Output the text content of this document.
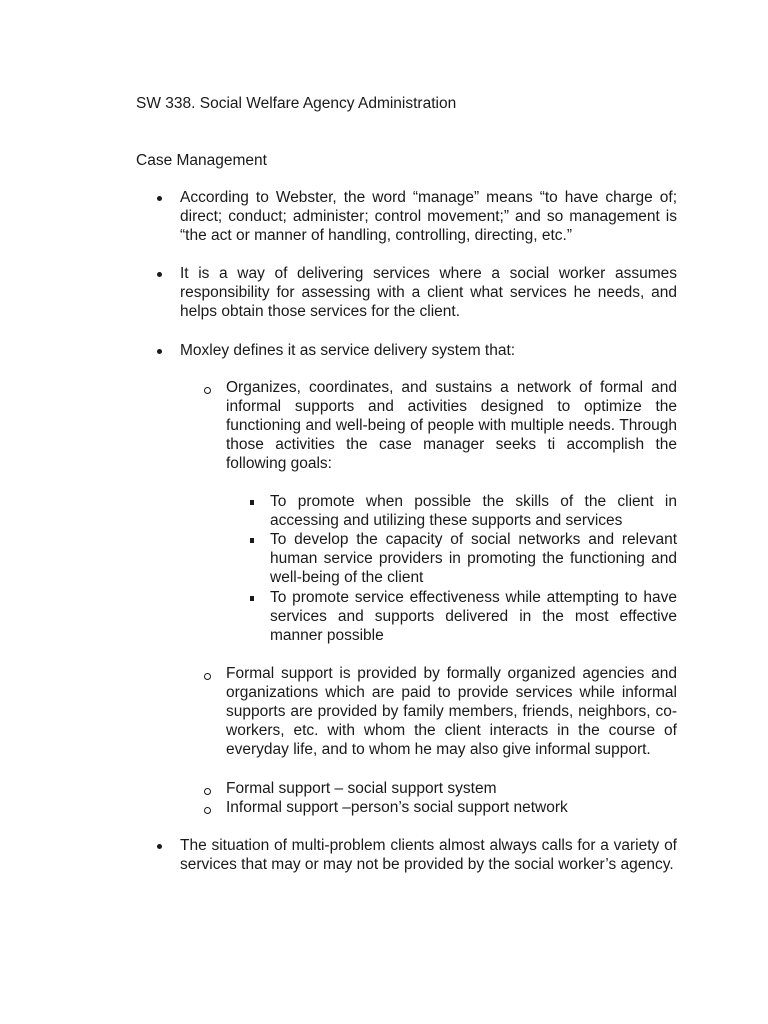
SW 338. Social Welfare Agency Administration
Case Management

According to Webster, the word “manage” means “to have charge of; direct; conduct; administer; control movement;” and so management is “the act or manner of handling, controlling, directing, etc.”

It is a way of delivering services where a social worker assumes responsibility for assessing with a client what services he needs, and helps obtain those services for the client.

Moxley defines it as service delivery system that:

Organizes, coordinates, and sustains a network of formal and informal supports and activities designed to optimize the functioning and well-being of people with multiple needs. Through those activities the case manager seeks ti accomplish the following goals:

To promote when possible the skills of the client in accessing and utilizing these supports and services

To develop the capacity of social networks and relevant human service providers in promoting the functioning and well-being of the client

To promote service effectiveness while attempting to have services and supports delivered in the most effective manner possible

Formal support is provided by formally organized agencies and organizations which are paid to provide services while informal supports are provided by family members, friends, neighbors, co-workers, etc. with whom the client interacts in the course of everyday life, and to whom he may also give informal support.

Formal support – social support system

Informal support –person’s social support network

The situation of multi-problem clients almost always calls for a variety of services that may or may not be provided by the social worker’s agency.
